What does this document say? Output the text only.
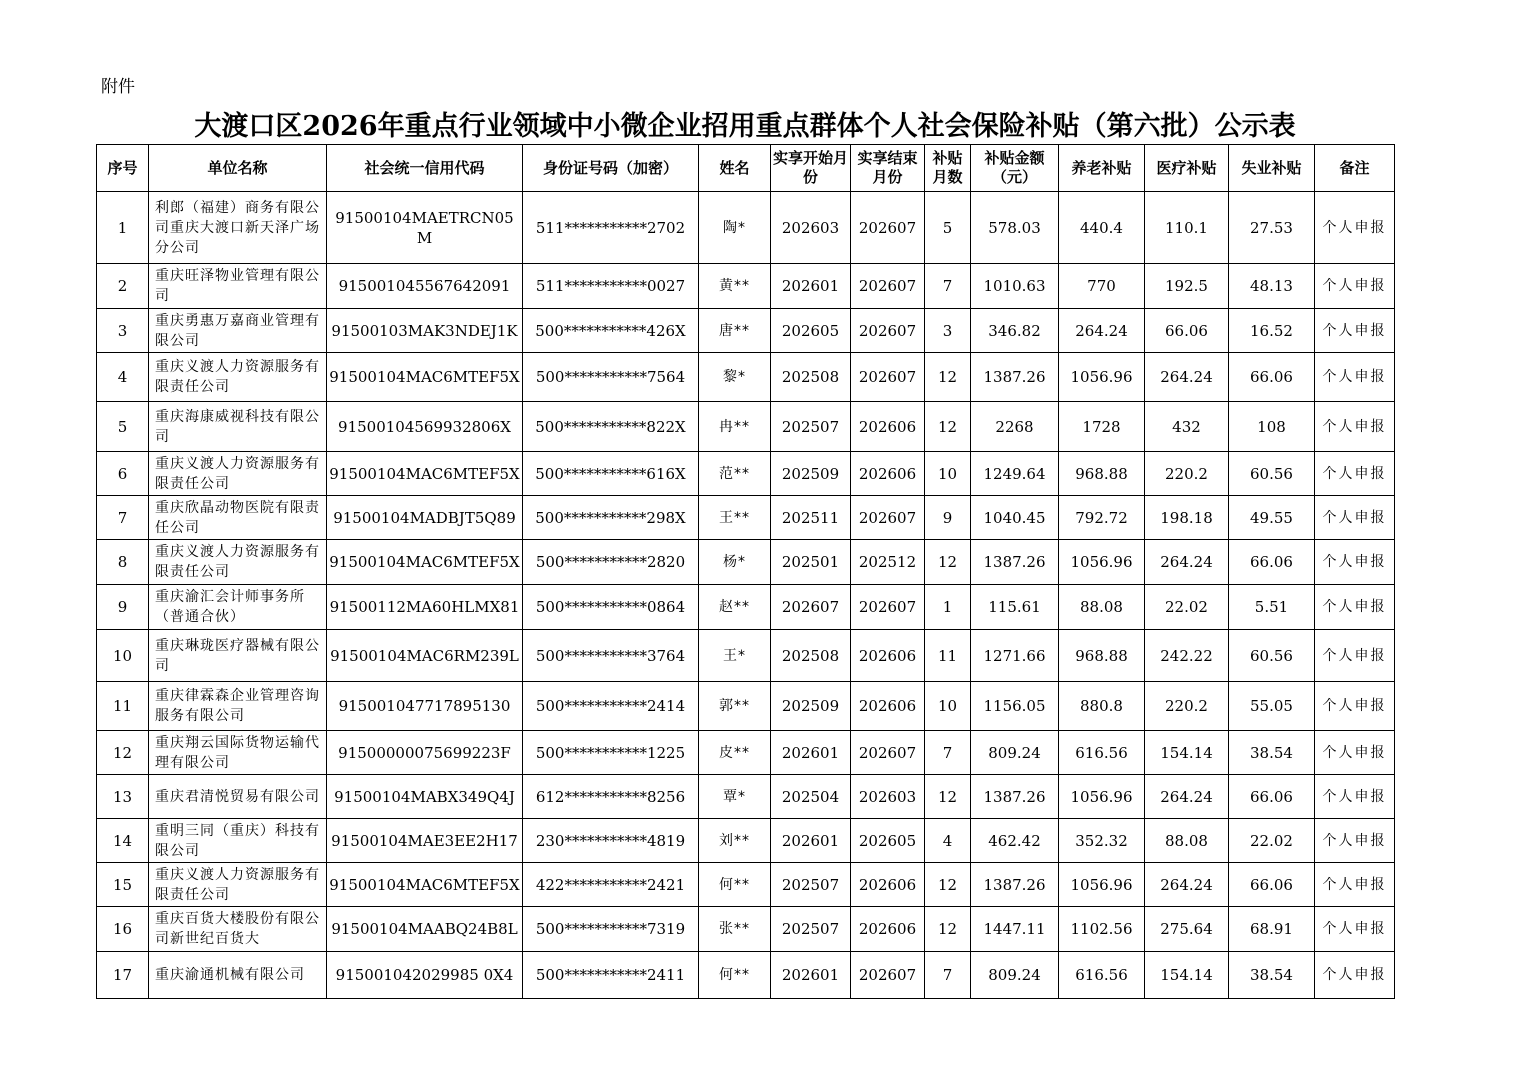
附件
大渡口区2026年重点行业领域中小微企业招用重点群体个人社会保险补贴（第六批）公示表
序号	单位名称	社会统一信用代码	身份证号码（加密）	姓名	实享开始月份	实享结束月份	补贴月数	补贴金额（元）	养老补贴	医疗补贴	失业补贴	备注
1	利郎（福建）商务有限公司重庆大渡口新天泽广场分公司	91500104MAETRCN05M	511***********2702	陶*	202603	202607	5	578.03	440.4	110.1	27.53	个人申报
2	重庆旺泽物业管理有限公司	915001045567642091	511***********0027	黄**	202601	202607	7	1010.63	770	192.5	48.13	个人申报
3	重庆勇惠万嘉商业管理有限公司	91500103MAK3NDEJ1K	500***********426X	唐**	202605	202607	3	346.82	264.24	66.06	16.52	个人申报
4	重庆义渡人力资源服务有限责任公司	91500104MAC6MTEF5X	500***********7564	黎*	202508	202607	12	1387.26	1056.96	264.24	66.06	个人申报
5	重庆海康威视科技有限公司	91500104569932806X	500***********822X	冉**	202507	202606	12	2268	1728	432	108	个人申报
6	重庆义渡人力资源服务有限责任公司	91500104MAC6MTEF5X	500***********616X	范**	202509	202606	10	1249.64	968.88	220.2	60.56	个人申报
7	重庆欣晶动物医院有限责任公司	91500104MADBJT5Q89	500***********298X	王**	202511	202607	9	1040.45	792.72	198.18	49.55	个人申报
8	重庆义渡人力资源服务有限责任公司	91500104MAC6MTEF5X	500***********2820	杨*	202501	202512	12	1387.26	1056.96	264.24	66.06	个人申报
9	重庆渝汇会计师事务所（普通合伙）	91500112MA60HLMX81	500***********0864	赵**	202607	202607	1	115.61	88.08	22.02	5.51	个人申报
10	重庆琳珑医疗器械有限公司	91500104MAC6RM239L	500***********3764	王*	202508	202606	11	1271.66	968.88	242.22	60.56	个人申报
11	重庆律霖森企业管理咨询服务有限公司	915001047717895130	500***********2414	郭**	202509	202606	10	1156.05	880.8	220.2	55.05	个人申报
12	重庆翔云国际货物运输代理有限公司	91500000075699223F	500***********1225	皮**	202601	202607	7	809.24	616.56	154.14	38.54	个人申报
13	重庆君清悦贸易有限公司	91500104MABX349Q4J	612***********8256	覃*	202504	202603	12	1387.26	1056.96	264.24	66.06	个人申报
14	重明三同（重庆）科技有限公司	91500104MAE3EE2H17	230***********4819	刘**	202601	202605	4	462.42	352.32	88.08	22.02	个人申报
15	重庆义渡人力资源服务有限责任公司	91500104MAC6MTEF5X	422***********2421	何**	202507	202606	12	1387.26	1056.96	264.24	66.06	个人申报
16	重庆百货大楼股份有限公司新世纪百货大	91500104MAABQ24B8L	500***********7319	张**	202507	202606	12	1447.11	1102.56	275.64	68.91	个人申报
17	重庆渝通机械有限公司	915001042029985 0X4	500***********2411	何**	202601	202607	7	809.24	616.56	154.14	38.54	个人申报
